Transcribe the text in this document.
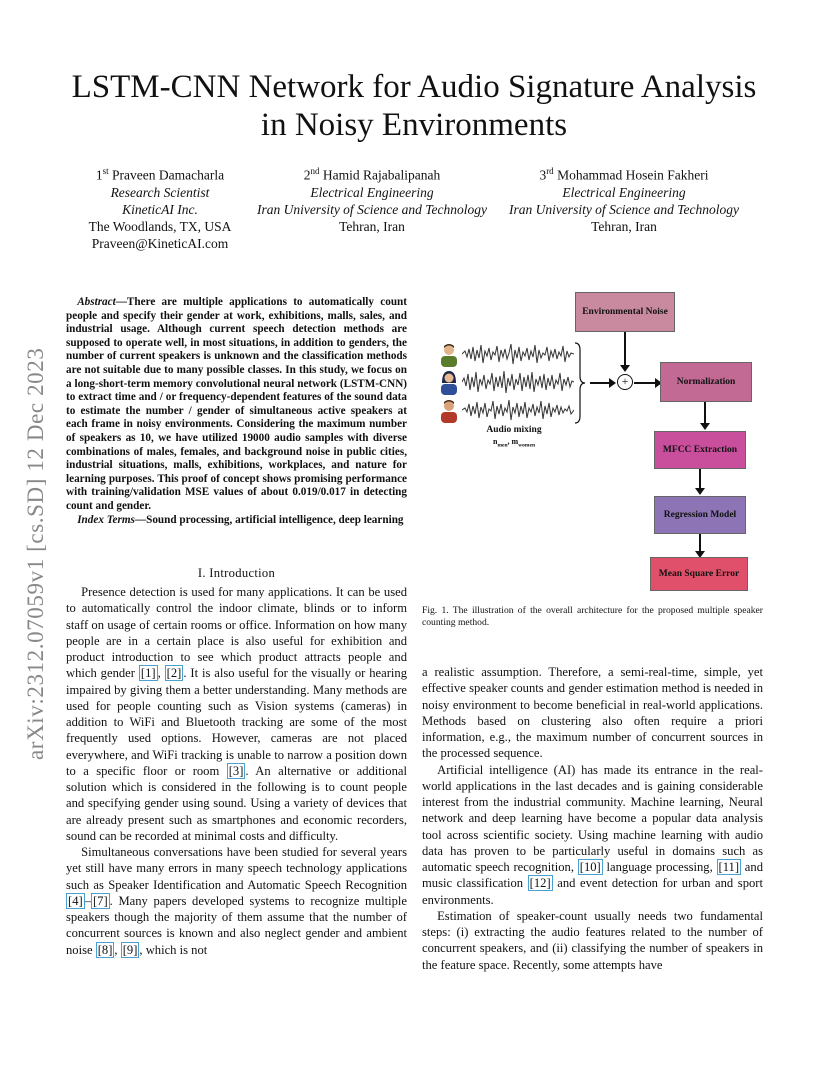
LSTM-CNN Network for Audio Signature Analysis
in Noisy Environments
arXiv:2312.07059v1 [cs.SD] 12 Dec 2023
1st Praveen Damacharla
Research Scientist
KineticAI Inc.
The Woodlands, TX, USA
Praveen@KineticAI.com
2nd Hamid Rajabalipanah
Electrical Engineering
Iran University of Science and Technology
Tehran, Iran
3rd Mohammad Hosein Fakheri
Electrical Engineering
Iran University of Science and Technology
Tehran, Iran

Abstract—There are multiple applications to automatically count people and specify their gender at work, exhibitions, malls, sales, and industrial usage. Although current speech detection methods are supposed to operate well, in most situations, in addition to genders, the number of current speakers is unknown and the classification methods are not suitable due to many possible classes. In this study, we focus on a long-short-term memory convolutional neural network (LSTM-CNN) to extract time and / or frequency-dependent features of the sound data to estimate the number / gender of simultaneous active speakers at each frame in noisy environments. Considering the maximum number of speakers as 10, we have utilized 19000 audio samples with diverse combinations of males, females, and background noise in public cities, industrial situations, malls, exhibitions, workplaces, and nature for learning purposes. This proof of concept shows promising performance with training/validation MSE values of about 0.019/0.017 in detecting count and gender.

Index Terms—Sound processing, artificial intelligence, deep learning

I. Introduction

Presence detection is used for many applications. It can be used to automatically control the indoor climate, blinds or to inform staff on usage of certain rooms or office. Information on how many people are in a certain place is also useful for exhibition and product introduction to see which product attracts people and which gender [1] , [2] . It is also useful for the visually or hearing impaired by giving them a better understanding. Many methods are used for people counting such as Vision systems (cameras) in addition to WiFi and Bluetooth tracking are some of the most frequently used options. However, cameras are not placed everywhere, and WiFi tracking is unable to narrow a position down to a specific floor or room [3] . An alternative or additional solution which is considered in the following is to count people and specifying gender using sound. Using a variety of devices that are already present such as smartphones and economic recorders, sound can be recorded at minimal costs and difficulty.

Simultaneous conversations have been studied for several years yet still have many errors in many speech technology applications such as Speaker Identification and Automatic Speech Recognition [4] – [7] . Many papers developed systems to recognize multiple speakers though the majority of them assume that the number of concurrent sources is known and also neglect gender and ambient noise [8] , [9] , which is not

Environmental Noise
Audio mixing
$n_{men}$, $m_{women}$
+	Normalization
MFCC Extraction
Regression Model
Mean Square Error
Fig. 1. The illustration of the overall architecture for the proposed multiple speaker counting method.

a realistic assumption. Therefore, a semi-real-time, simple, yet effective speaker counts and gender estimation method is needed in noisy environment to become beneficial in real-world applications. Methods based on clustering also often require a priori information, e.g., the maximum number of concurrent sources in the processed sequence.

Artificial intelligence (AI) has made its entrance in the real-world applications in the last decades and is gaining considerable interest from the industrial community. Machine learning, Neural network and deep learning have become a popular data analysis tool across scientific society. Using machine learning with audio data has proven to be particularly useful in domains such as automatic speech recognition, [10] language processing, [11] and music classification [12] and event detection for urban and sport environments.

Estimation of speaker-count usually needs two fundamental steps: (i) extracting the audio features related to the number of concurrent speakers, and (ii) classifying the number of speakers in the feature space. Recently, some attempts have
